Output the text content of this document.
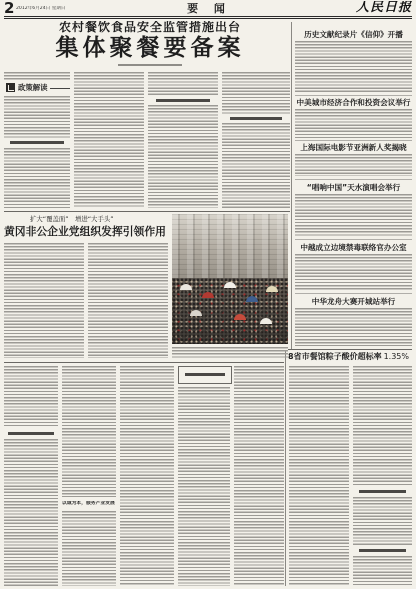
2 2012年6月24日 星期日	要 闻	人民日报
农村餐饮食品安全监管措施出台
集体聚餐要备案
政策解读
扩大“覆盖面”　增进“大手头”
黄冈非公企业党组织发挥引领作用
以诚为本，服务产业发展
历史文献纪录片《信仰》开播
中美城市经济合作和投资会议举行
上海国际电影节亚洲新人奖揭晓
“唱响中国”天水演唱会举行
中越成立边境禁毒联络官办公室
中华龙舟大赛开城站举行
8省市餐馆粽子酸价超标率 1.35%
